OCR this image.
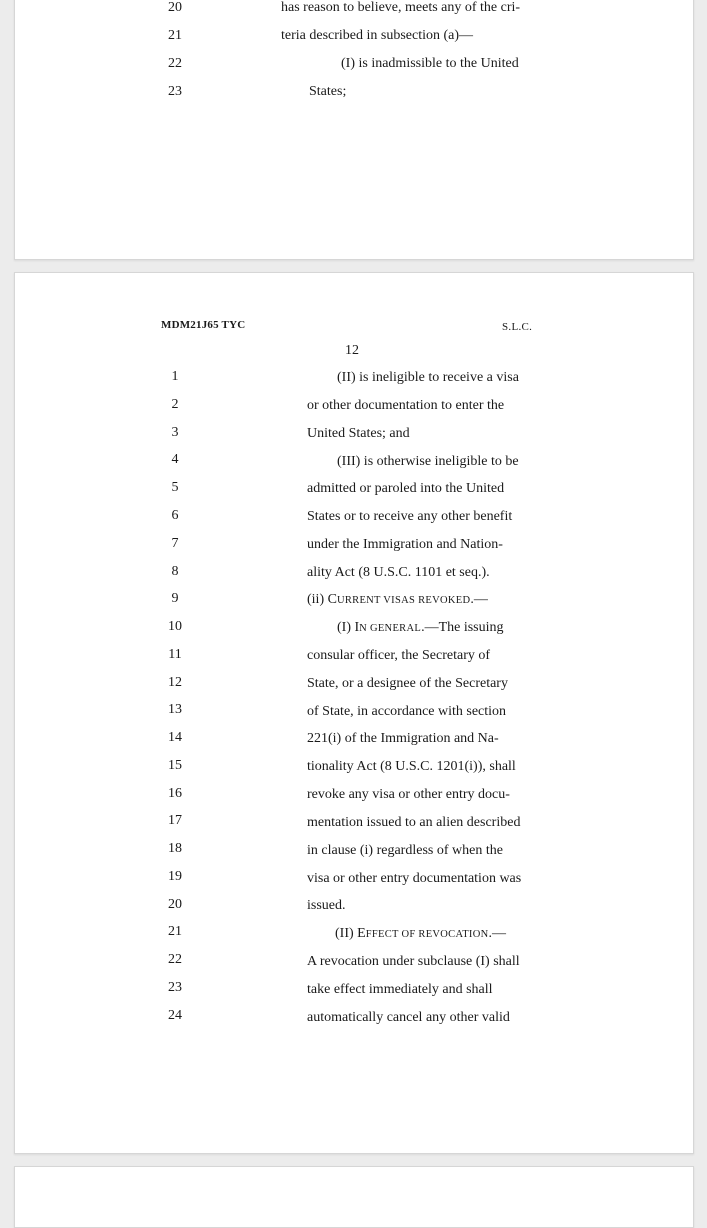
20	has reason to believe, meets any of the cri-
21	teria described in subsection (a)—
22	(I) is inadmissible to the United
23	States;
MDM21J65 TYC	S.L.C.
12
1	(II) is ineligible to receive a visa
2	or other documentation to enter the
3	United States; and
4	(III) is otherwise ineligible to be
5	admitted or paroled into the United
6	States or to receive any other benefit
7	under the Immigration and Nation-
8	ality Act (8 U.S.C. 1101 et seq.).
9	(ii) CURRENT VISAS REVOKED.—
10	(I) IN GENERAL.—The issuing
11	consular officer, the Secretary of
12	State, or a designee of the Secretary
13	of State, in accordance with section
14	221(i) of the Immigration and Na-
15	tionality Act (8 U.S.C. 1201(i)), shall
16	revoke any visa or other entry docu-
17	mentation issued to an alien described
18	in clause (i) regardless of when the
19	visa or other entry documentation was
20	issued.
21	(II) EFFECT OF REVOCATION.—
22	A revocation under subclause (I) shall
23	take effect immediately and shall
24	automatically cancel any other valid
